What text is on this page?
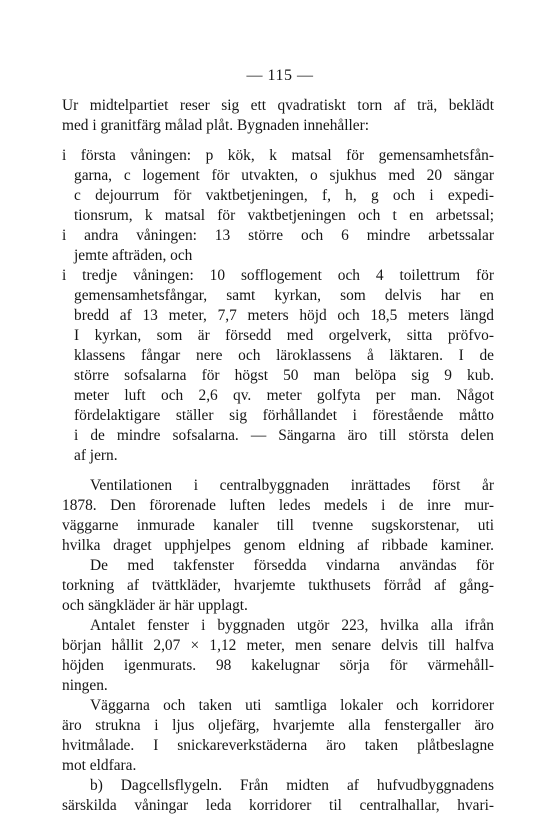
— 115 —
Ur midtelpartiet reser sig ett qvadratiskt torn af trä, beklädt
med i granitfärg målad plåt. Bygnaden innehåller:
i första våningen: p kök, k matsal för gemensamhetsfån-
garna, c logement för utvakten, o sjukhus med 20 sängar
c dejourrum för vaktbetjeningen, f, h, g och i expedi-
tionsrum, k matsal för vaktbetjeningen och t en arbetssal;
i andra våningen: 13 större och 6 mindre arbetssalar
jemte afträden, och
i tredje våningen: 10 sofflogement och 4 toilettrum för
gemensamhetsfångar, samt kyrkan, som delvis har en
bredd af 13 meter, 7,7 meters höjd och 18,5 meters längd
I kyrkan, som är försedd med orgelverk, sitta pröfvo-
klassens fångar nere och läroklassens å läktaren. I de
större sofsalarna för högst 50 man belöpa sig 9 kub.
meter luft och 2,6 qv. meter golfyta per man. Något
fördelaktigare ställer sig förhållandet i förestående måtto
i de mindre sofsalarna. — Sängarna äro till största delen
af jern.
Ventilationen i centralbyggnaden inrättades först år
1878. Den förorenade luften ledes medels i de inre mur-
väggarne inmurade kanaler till tvenne sugskorstenar, uti
hvilka draget upphjelpes genom eldning af ribbade kaminer.
De med takfenster försedda vindarna användas för
torkning af tvättkläder, hvarjemte tukthusets förråd af gång-
och sängkläder är här upplagt.
Antalet fenster i byggnaden utgör 223, hvilka alla ifrån
början hållit 2,07 × 1,12 meter, men senare delvis till halfva
höjden igenmurats. 98 kakelugnar sörja för värmehåll-
ningen.
Väggarna och taken uti samtliga lokaler och korridorer
äro strukna i ljus oljefärg, hvarjemte alla fenstergaller äro
hvitmålade. I snickareverkstäderna äro taken plåtbeslagne
mot eldfara.
b) Dagcellsflygeln. Från midten af hufvudbyggnadens
särskilda våningar leda korridorer til centralhallar, hvari-
